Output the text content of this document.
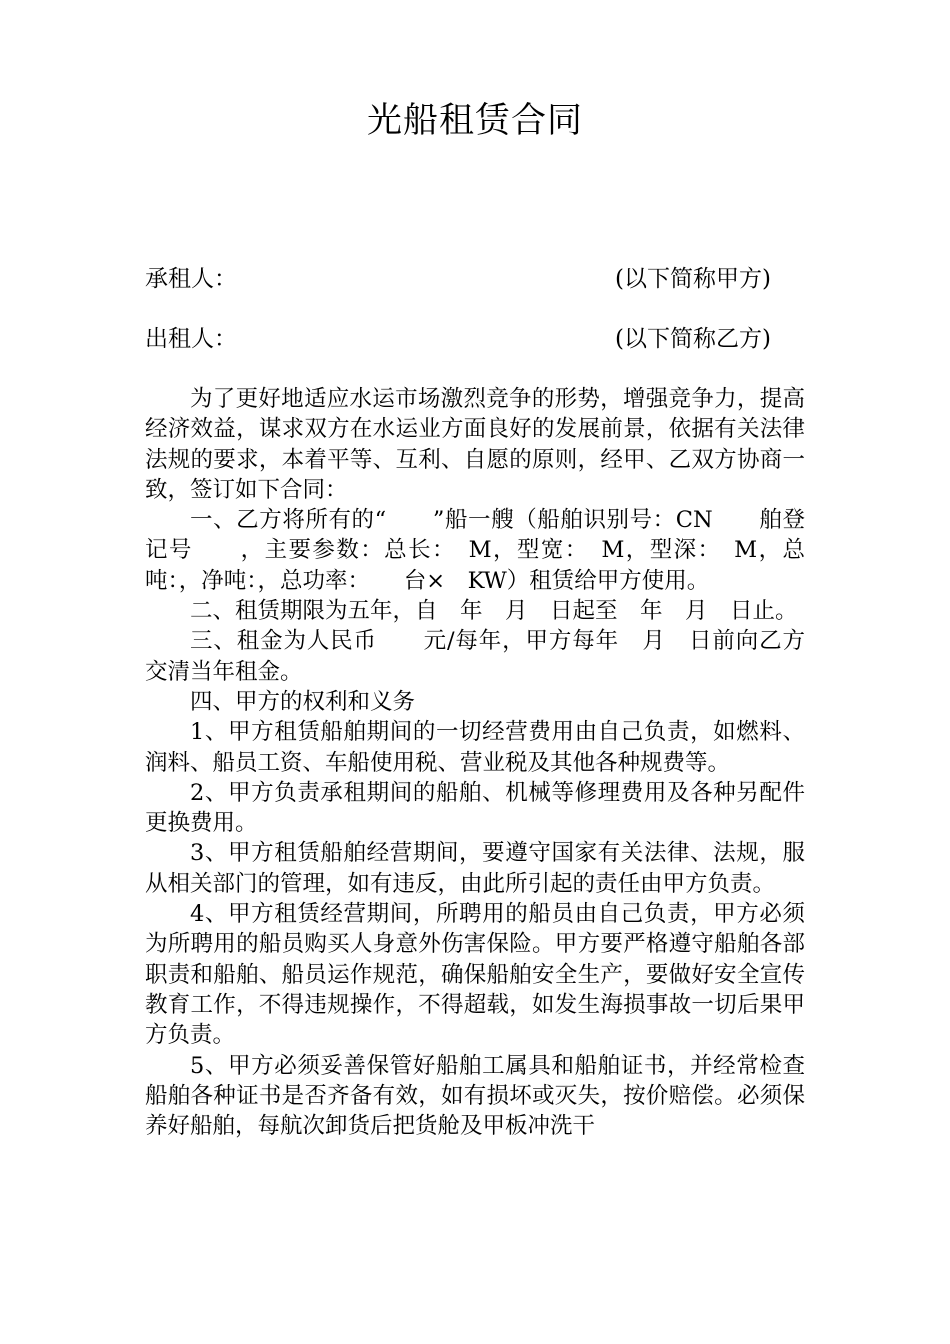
光船租赁合同
承租人：	(以下简称甲方)
出租人：	(以下简称乙方)

为了更好地适应水运市场激烈竞争的形势，增强竞争力，提高经济效益，谋求双方在水运业方面良好的发展前景，依据有关法律法规的要求，本着平等、互利、自愿的原则，经甲、乙双方协商一致，签订如下合同：

一、乙方将所有的“　　”船一艘（船舶识别号：CN　　舶登记号　　，主要参数：总长：　M，型宽：　M，型深：　M，总吨：，净吨：，总功率：　　台×　KW）租赁给甲方使用。

二、租赁期限为五年，自　年　月　日起至　年　月　日止。

三、租金为人民币　　元/每年，甲方每年　月　日前向乙方交清当年租金。

四、甲方的权利和义务

1、甲方租赁船舶期间的一切经营费用由自己负责，如燃料、润料、船员工资、车船使用税、营业税及其他各种规费等。

2、甲方负责承租期间的船舶、机械等修理费用及各种另配件更换费用。

3、甲方租赁船舶经营期间，要遵守国家有关法律、法规，服从相关部门的管理，如有违反，由此所引起的责任由甲方负责。

4、甲方租赁经营期间，所聘用的船员由自己负责，甲方必须为所聘用的船员购买人身意外伤害保险。甲方要严格遵守船舶各部职责和船舶、船员运作规范，确保船舶安全生产，要做好安全宣传教育工作，不得违规操作，不得超载，如发生海损事故一切后果甲方负责。

5、甲方必须妥善保管好船舶工属具和船舶证书，并经常检查船舶各种证书是否齐备有效，如有损坏或灭失，按价赔偿。必须保养好船舶，每航次卸货后把货舱及甲板冲洗干
